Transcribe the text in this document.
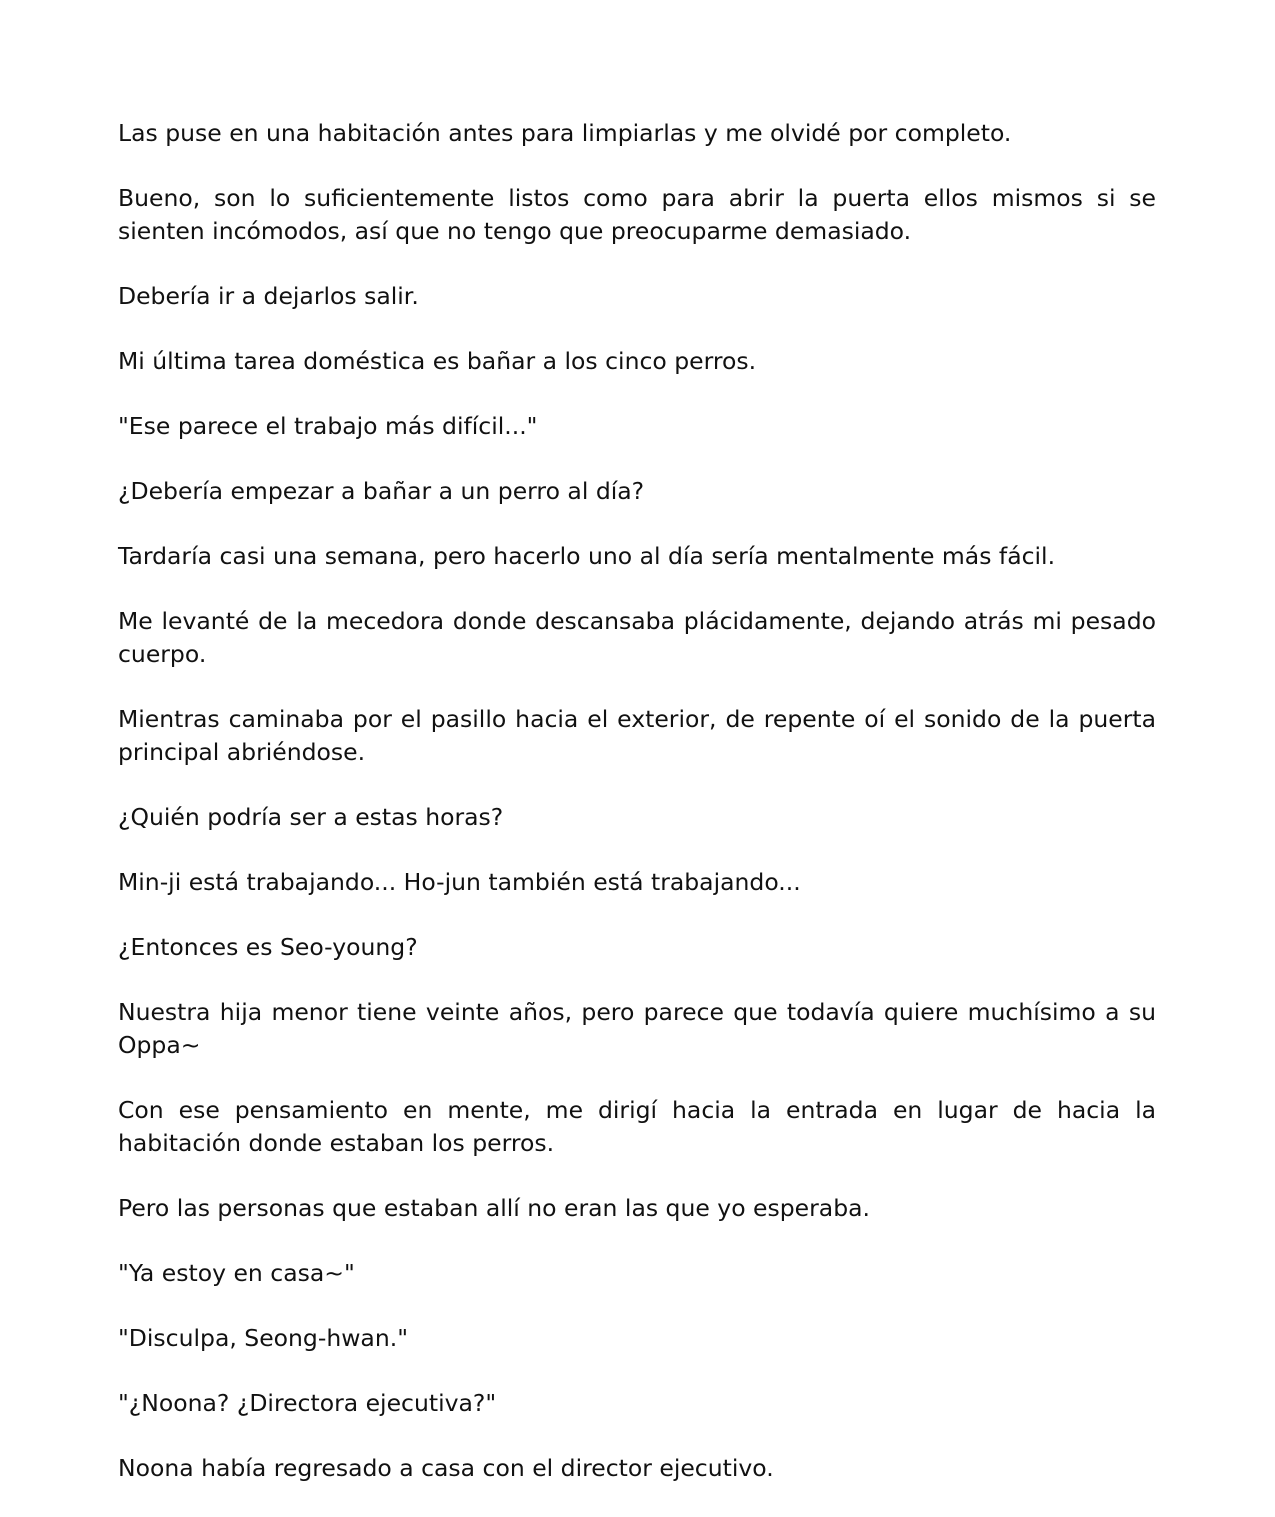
Las puse en una habitación antes para limpiarlas y me olvidé por completo.

Bueno, son lo suficientemente listos como para abrir la puerta ellos mismos si se sienten incómodos, así que no tengo que preocuparme demasiado.

Debería ir a dejarlos salir.

Mi última tarea doméstica es bañar a los cinco perros.

"Ese parece el trabajo más difícil..."

¿Debería empezar a bañar a un perro al día?

Tardaría casi una semana, pero hacerlo uno al día sería mentalmente más fácil.

Me levanté de la mecedora donde descansaba plácidamente, dejando atrás mi pesado cuerpo.

Mientras caminaba por el pasillo hacia el exterior, de repente oí el sonido de la puerta principal abriéndose.

¿Quién podría ser a estas horas?

Min-ji está trabajando... Ho-jun también está trabajando...

¿Entonces es Seo-young?

Nuestra hija menor tiene veinte años, pero parece que todavía quiere muchísimo a su Oppa~

Con ese pensamiento en mente, me dirigí hacia la entrada en lugar de hacia la habitación donde estaban los perros.

Pero las personas que estaban allí no eran las que yo esperaba.

"Ya estoy en casa~"

"Disculpa, Seong-hwan."

"¿Noona? ¿Directora ejecutiva?"

Noona había regresado a casa con el director ejecutivo.
